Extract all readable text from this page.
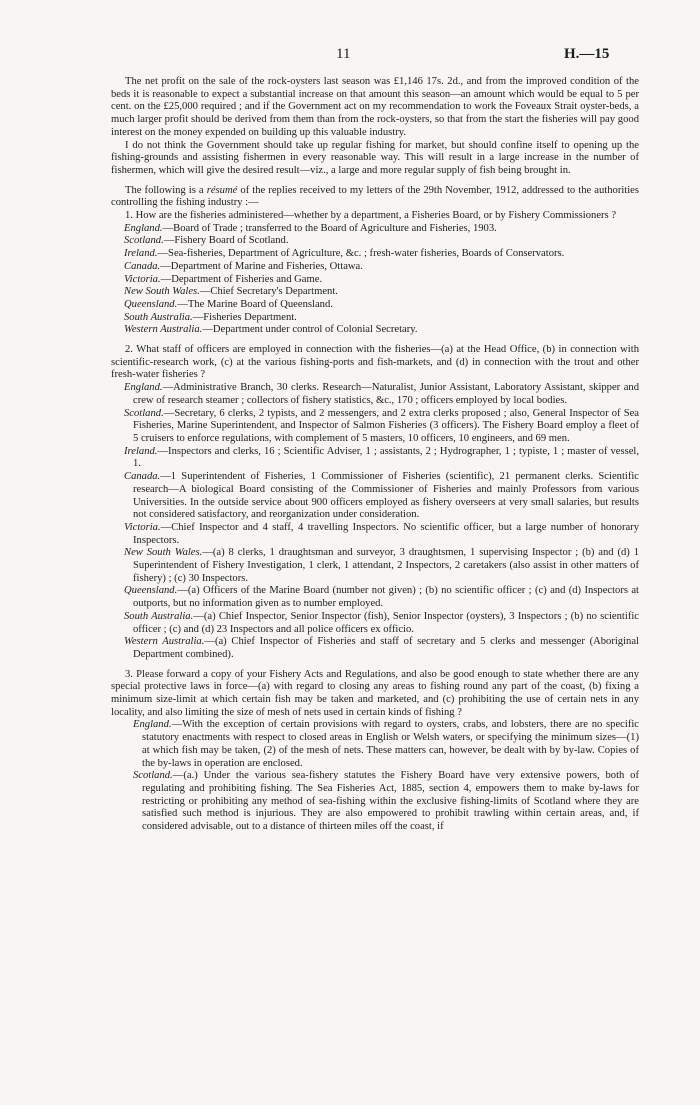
11	H.—15

The net profit on the sale of the rock-oysters last season was £1,146 17s. 2d., and from the improved condition of the beds it is reasonable to expect a substantial increase on that amount this season—an amount which would be equal to 5 per cent. on the £25,000 required ; and if the Government act on my recommendation to work the Foveaux Strait oyster-beds, a much larger profit should be derived from them than from the rock-oysters, so that from the start the fisheries will pay good interest on the money expended on building up this valuable industry.

I do not think the Government should take up regular fishing for market, but should confine itself to opening up the fishing-grounds and assisting fishermen in every reasonable way. This will result in a large increase in the number of fishermen, which will give the desired result—viz., a large and more regular supply of fish being brought in.

The following is a résumé of the replies received to my letters of the 29th November, 1912, addressed to the authorities controlling the fishing industry :—

1. How are the fisheries administered—whether by a department, a Fisheries Board, or by Fishery Commissioners ?

England.—Board of Trade ; transferred to the Board of Agriculture and Fisheries, 1903.

Scotland.—Fishery Board of Scotland.

Ireland.—Sea-fisheries, Department of Agriculture, &c. ; fresh-water fisheries, Boards of Conservators.

Canada.—Department of Marine and Fisheries, Ottawa.

Victoria.—Department of Fisheries and Game.

New South Wales.—Chief Secretary's Department.

Queensland.—The Marine Board of Queensland.

South Australia.—Fisheries Department.

Western Australia.—Department under control of Colonial Secretary.

2. What staff of officers are employed in connection with the fisheries—(a) at the Head Office, (b) in connection with scientific-research work, (c) at the various fishing-ports and fish-markets, and (d) in connection with the trout and other fresh-water fisheries ?

England.—Administrative Branch, 30 clerks. Research—Naturalist, Junior Assistant, Laboratory Assistant, skipper and crew of research steamer ; collectors of fishery statistics, &c., 170 ; officers employed by local bodies.

Scotland.—Secretary, 6 clerks, 2 typists, and 2 messengers, and 2 extra clerks proposed ; also, General Inspector of Sea Fisheries, Marine Superintendent, and Inspector of Salmon Fisheries (3 officers). The Fishery Board employ a fleet of 5 cruisers to enforce regulations, with complement of 5 masters, 10 officers, 10 engineers, and 69 men.

Ireland.—Inspectors and clerks, 16 ; Scientific Adviser, 1 ; assistants, 2 ; Hydrographer, 1 ; typiste, 1 ; master of vessel, 1.

Canada.—1 Superintendent of Fisheries, 1 Commissioner of Fisheries (scientific), 21 permanent clerks. Scientific research—A biological Board consisting of the Commissioner of Fisheries and mainly Professors from various Universities. In the outside service about 900 officers employed as fishery overseers at very small salaries, but results not considered satisfactory, and reorganization under consideration.

Victoria.—Chief Inspector and 4 staff, 4 travelling Inspectors. No scientific officer, but a large number of honorary Inspectors.

New South Wales.—(a) 8 clerks, 1 draughtsman and surveyor, 3 draughtsmen, 1 supervising Inspector ; (b) and (d) 1 Superintendent of Fishery Investigation, 1 clerk, 1 attendant, 2 Inspectors, 2 caretakers (also assist in other matters of fishery) ; (c) 30 Inspectors.

Queensland.—(a) Officers of the Marine Board (number not given) ; (b) no scientific officer ; (c) and (d) Inspectors at outports, but no information given as to number employed.

South Australia.—(a) Chief Inspector, Senior Inspector (fish), Senior Inspector (oysters), 3 Inspectors ; (b) no scientific officer ; (c) and (d) 23 Inspectors and all police officers ex officio.

Western Australia.—(a) Chief Inspector of Fisheries and staff of secretary and 5 clerks and messenger (Aboriginal Department combined).

3. Please forward a copy of your Fishery Acts and Regulations, and also be good enough to state whether there are any special protective laws in force—(a) with regard to closing any areas to fishing round any part of the coast, (b) fixing a minimum size-limit at which certain fish may be taken and marketed, and (c) prohibiting the use of certain nets in any locality, and also limiting the size of mesh of nets used in certain kinds of fishing ?

England.—With the exception of certain provisions with regard to oysters, crabs, and lobsters, there are no specific statutory enactments with respect to closed areas in English or Welsh waters, or specifying the minimum sizes—(1) at which fish may be taken, (2) of the mesh of nets. These matters can, however, be dealt with by by-law. Copies of the by-laws in operation are enclosed.

Scotland.—(a.) Under the various sea-fishery statutes the Fishery Board have very extensive powers, both of regulating and prohibiting fishing. The Sea Fisheries Act, 1885, section 4, empowers them to make by-laws for restricting or prohibiting any method of sea-fishing within the exclusive fishing-limits of Scotland where they are satisfied such method is injurious. They are also empowered to prohibit trawling within certain areas, and, if considered advisable, out to a distance of thirteen miles off the coast, if
